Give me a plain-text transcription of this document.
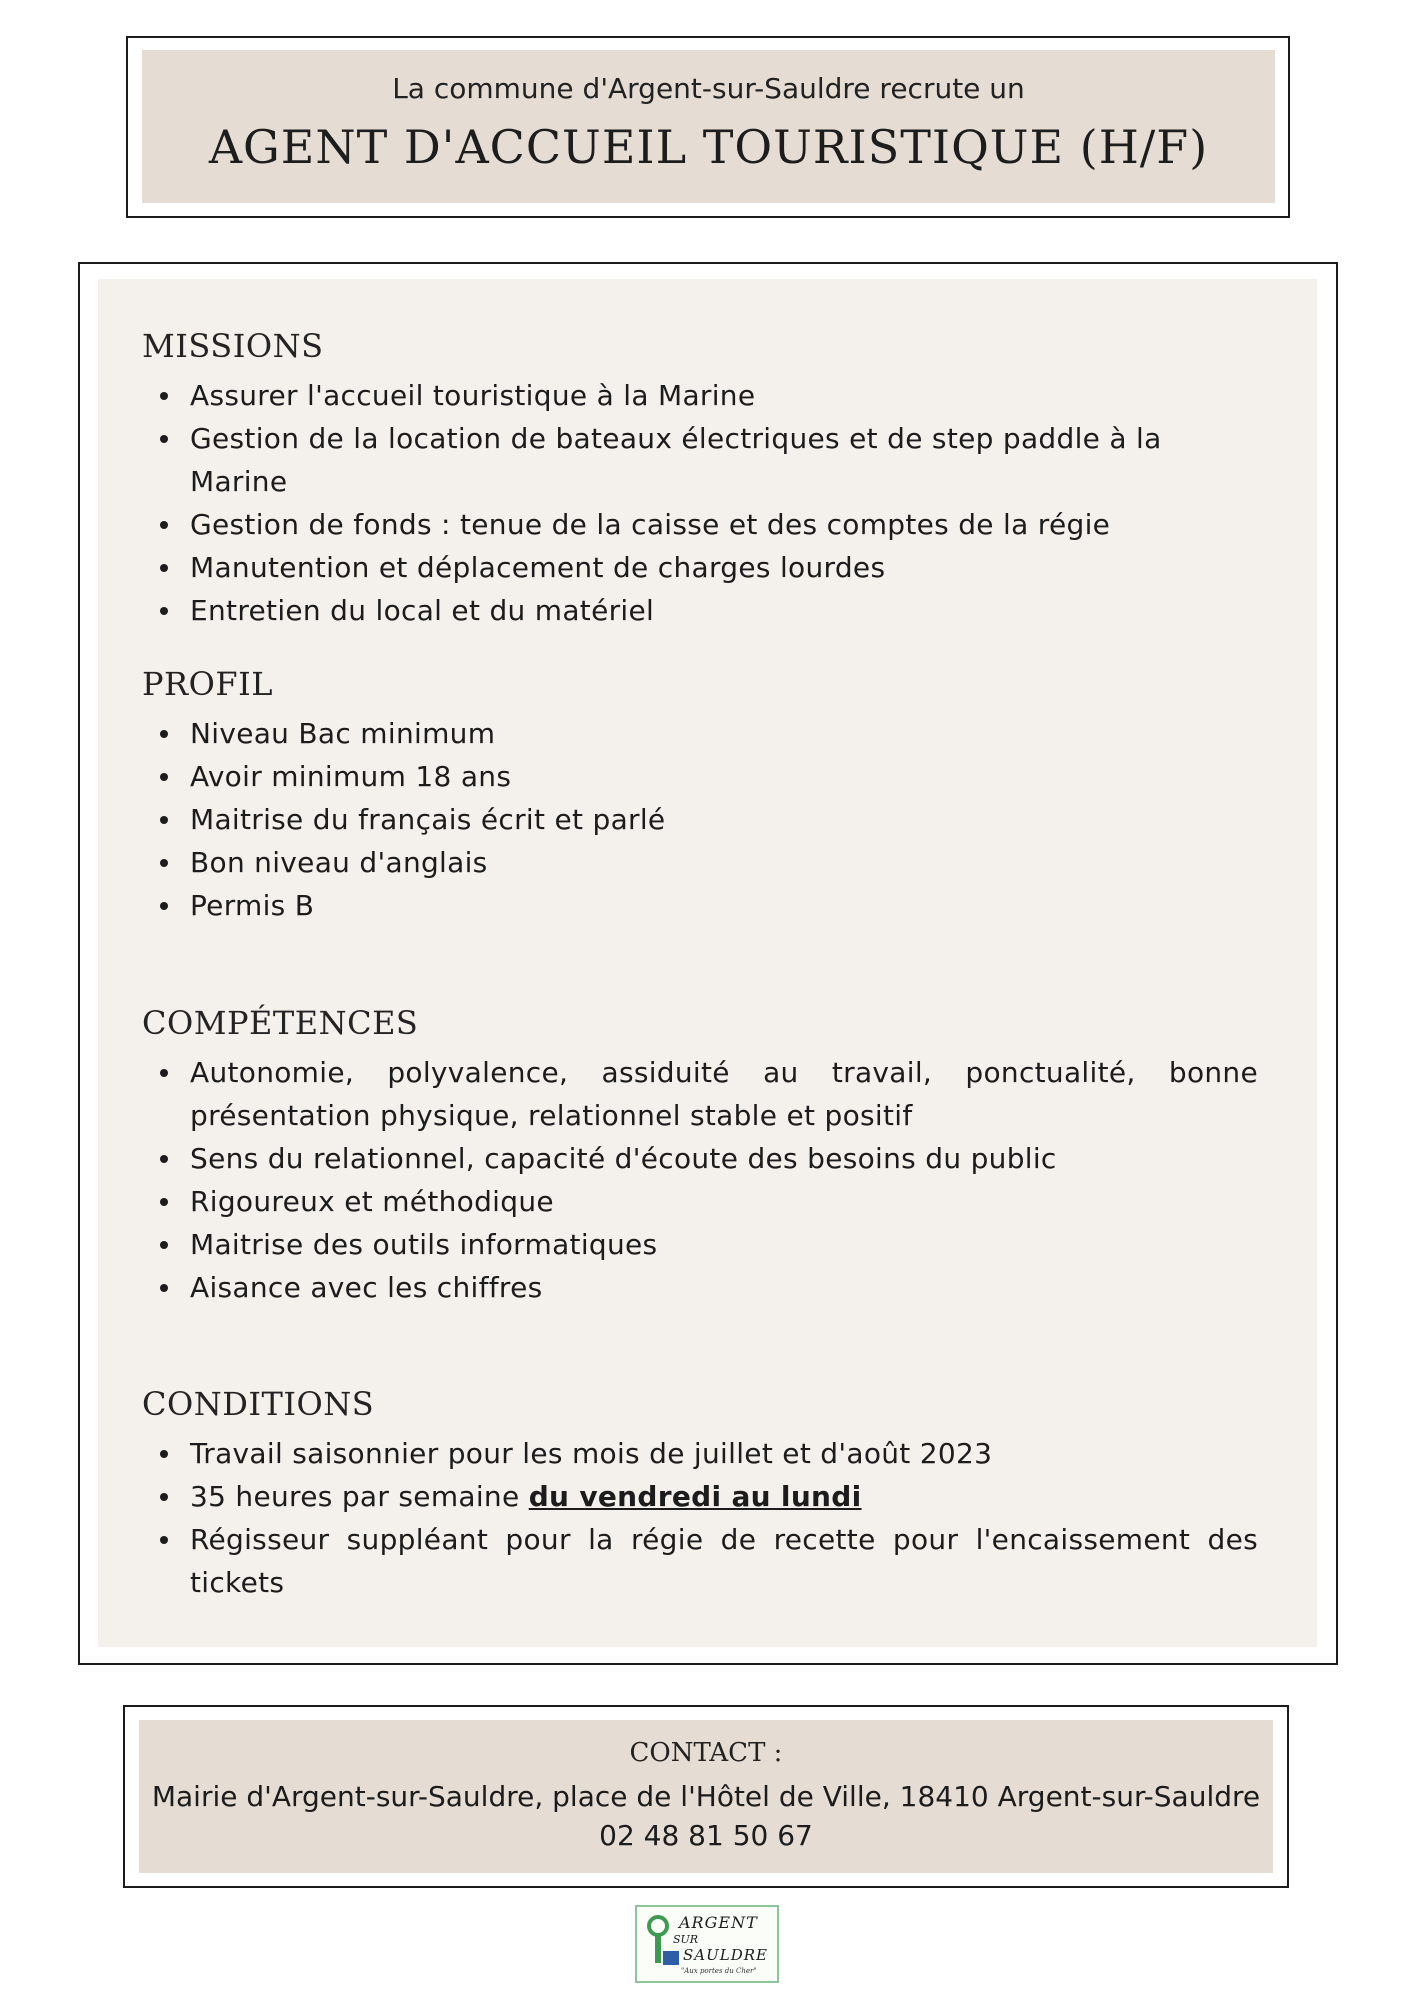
La commune d'Argent-sur-Sauldre recrute un
AGENT D'ACCUEIL TOURISTIQUE (H/F)
MISSIONS
Assurer l'accueil touristique à la Marine
Gestion de la location de bateaux électriques et de step paddle à la Marine
Gestion de fonds : tenue de la caisse et des comptes de la régie
Manutention et déplacement de charges lourdes
Entretien du local et du matériel
PROFIL
Niveau Bac minimum
Avoir minimum 18 ans
Maitrise du français écrit et parlé
Bon niveau d'anglais
Permis B
COMPÉTENCES
Autonomie, polyvalence, assiduité au travail, ponctualité, bonne présentation physique, relationnel stable et positif
Sens du relationnel, capacité d'écoute des besoins du public
Rigoureux et méthodique
Maitrise des outils informatiques
Aisance avec les chiffres
CONDITIONS
Travail saisonnier pour les mois de juillet et d'août 2023
35 heures par semaine du vendredi au lundi
Régisseur suppléant pour la régie de recette pour l'encaissement des tickets
CONTACT :
Mairie d'Argent-sur-Sauldre, place de l'Hôtel de Ville, 18410 Argent-sur-Sauldre
02 48 81 50 67
ARGENT
SUR
SAULDRE
"Aux portes du Cher"
